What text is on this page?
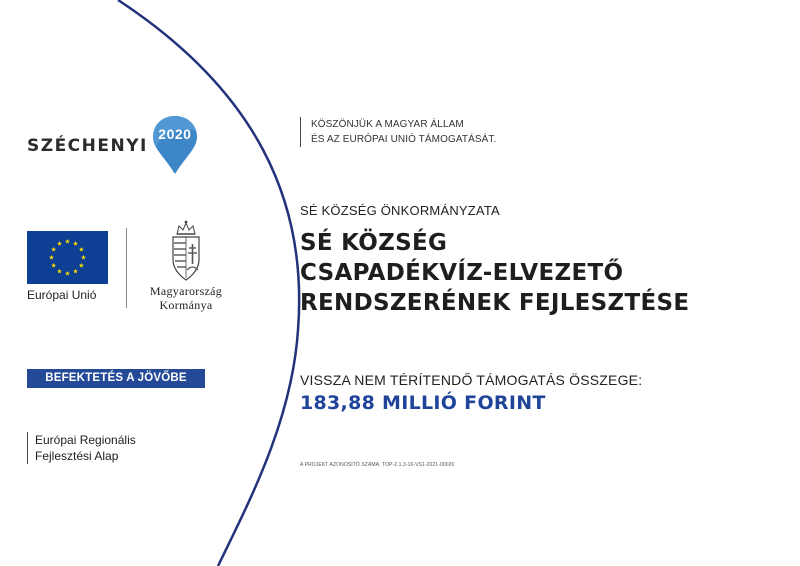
SZÉCHENYI
2020
Európai Unió	Magyarország
Kormánya
BEFEKTETÉS A JÖVŐBE
Európai Regionális
Fejlesztési Alap
KÖSZÖNJÜK A MAGYAR ÁLLAM
ÉS AZ EURÓPAI UNIÓ TÁMOGATÁSÁT.
SÉ KÖZSÉG ÖNKORMÁNYZATA
SÉ KÖZSÉG
CSAPADÉKVÍZ-ELVEZETŐ
RENDSZERÉNEK FEJLESZTÉSE
VISSZA NEM TÉRÍTENDŐ TÁMOGATÁS ÖSSZEGE:
183,88 MILLIÓ FORINT
A PROJEKT AZONOSÍTÓ SZÁMA: TOP-2.1.3-16-VS1-2021-00026
